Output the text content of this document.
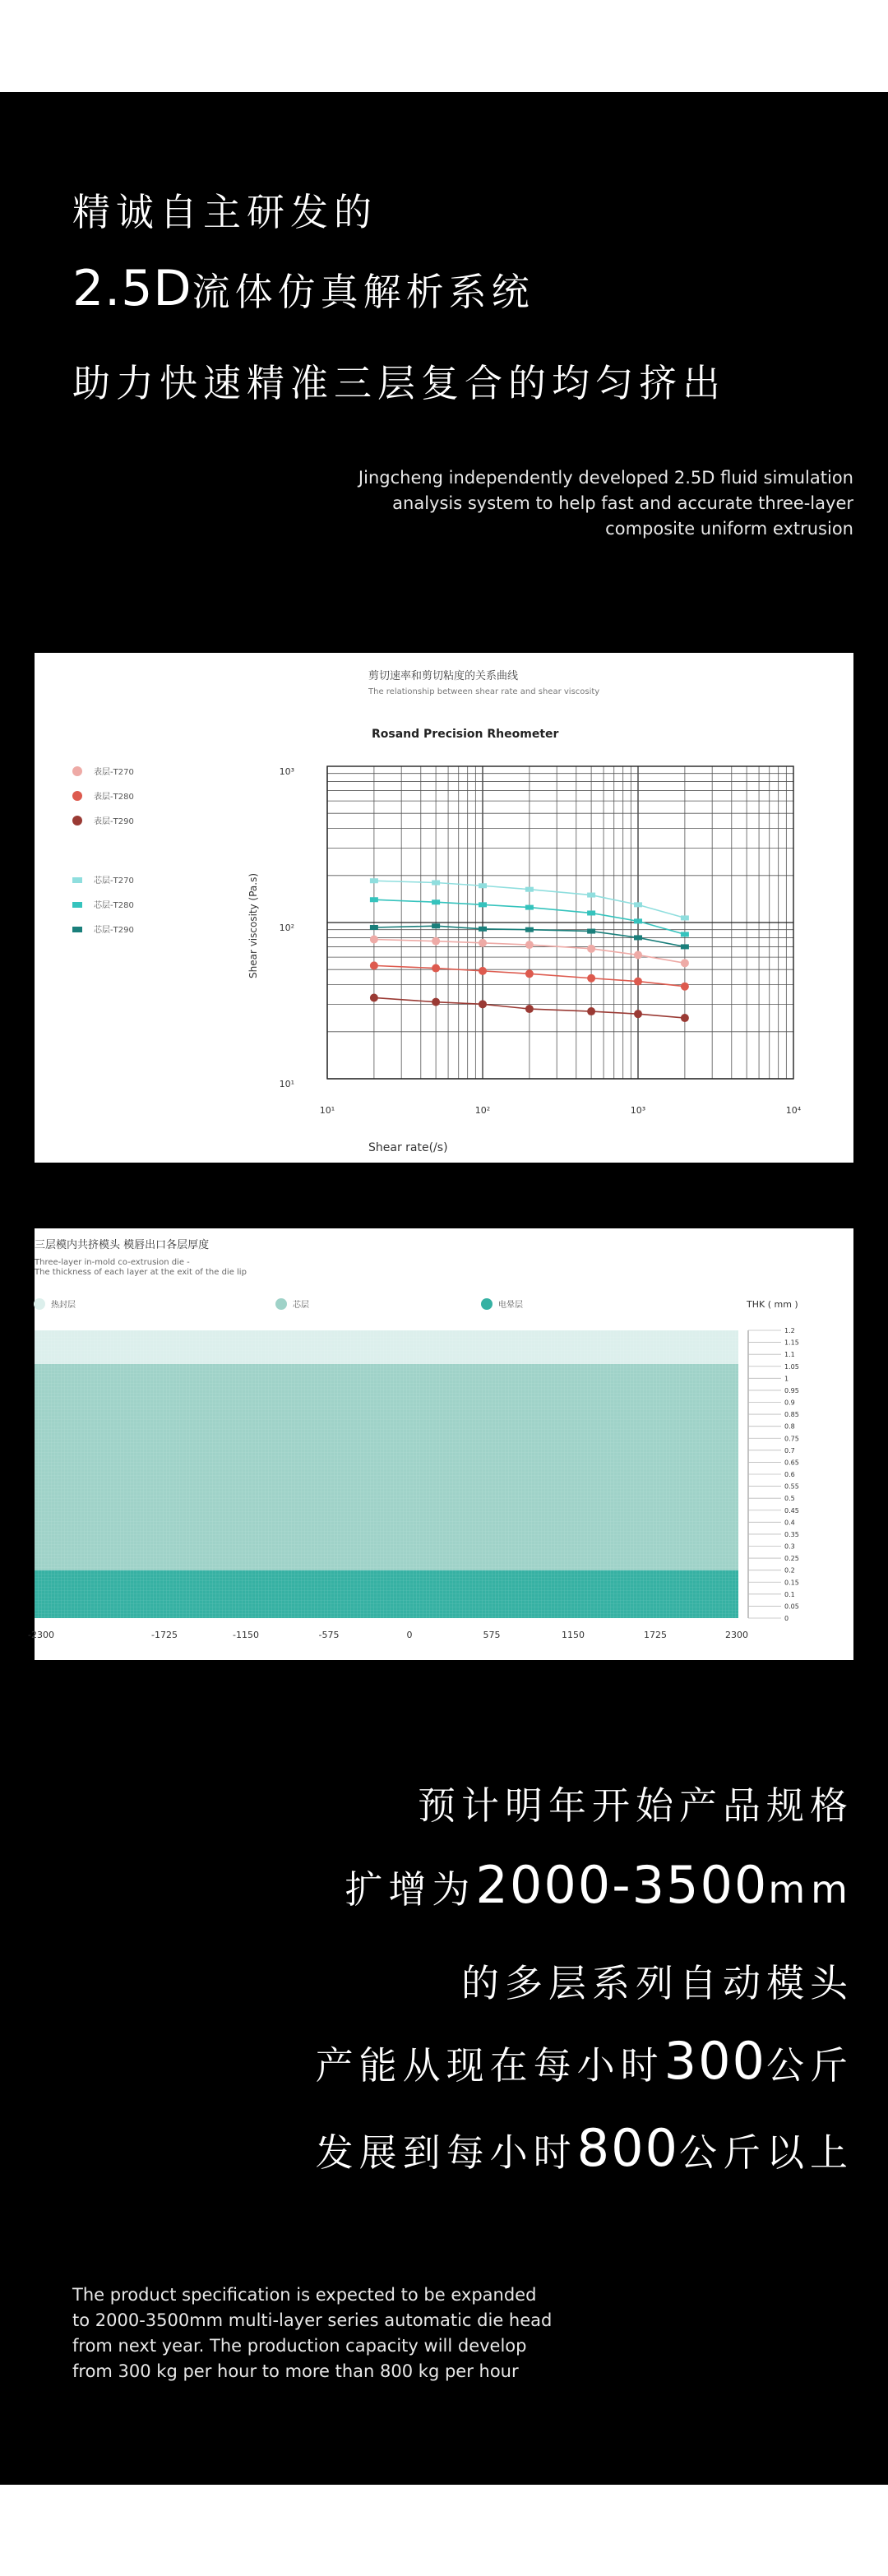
精诚自主研发的
2.5D流体仿真解析系统
助力快速精准三层复合的均匀挤出
Jingcheng independently developed 2.5D fluid simulation
analysis system to help fast and accurate three-layer
composite uniform extrusion
剪切速率和剪切粘度的关系曲线
The relationship between shear rate and shear viscosity
Rosand Precision Rheometer
表层-T270
表层-T280
表层-T290
芯层-T270
芯层-T280
芯层-T290	Shear viscosity (Pa.s)
Shear rate(/s)
10³
10²
10¹
10¹	10²	10³	10⁴
三层模内共挤模头 模唇出口各层厚度
Three-layer in-mold co-extrusion die -
The thickness of each layer at the exit of the die lip
热封层	芯层	电晕层	THK ( mm )
1.2
1.15
1.1
1.05
1
0.95
0.9
0.85
0.8
0.75
0.7
0.65
0.6
0.55
0.5
0.45
0.4
0.35
0.3
0.25
0.2
0.15
0.1
0.05
0
-2300	-1725	-1150	-575	0	575	1150	1725	2300
预计明年开始产品规格
扩增为2000-3500mm
的多层系列自动模头
产能从现在每小时300公斤
发展到每小时800公斤以上
The product specification is expected to be expanded
to 2000-3500mm multi-layer series automatic die head
from next year. The production capacity will develop
from 300 kg per hour to more than 800 kg per hour
